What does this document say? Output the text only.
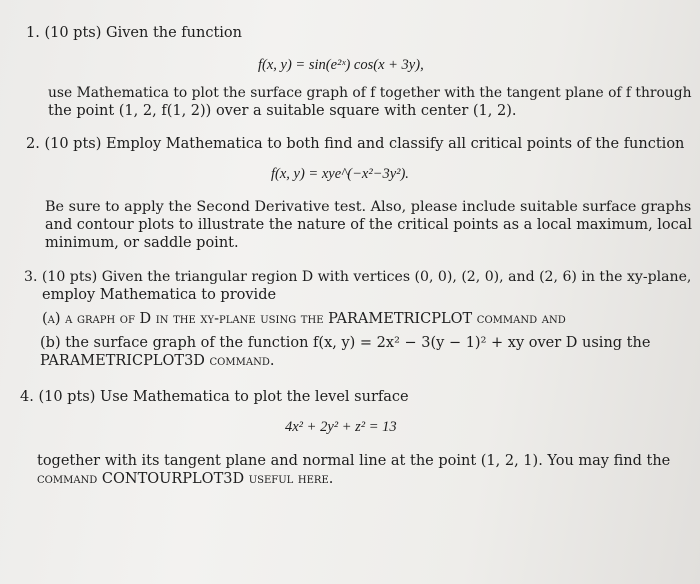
1. (10 pts) Given the function
f(x, y) = sin(e²ˣ) cos(x + 3y),
use Mathematica to plot the surface graph of f together with the tangent plane of f through
the point (1, 2, f(1, 2)) over a suitable square with center (1, 2).
2. (10 pts) Employ Mathematica to both find and classify all critical points of the function
f(x, y) = xye^(−x²−3y²).
Be sure to apply the Second Derivative test. Also, please include suitable surface graphs
and contour plots to illustrate the nature of the critical points as a local maximum, local
minimum, or saddle point.
3. (10 pts) Given the triangular region D with vertices (0, 0), (2, 0), and (2, 6) in the xy-plane,
employ Mathematica to provide
(a) a graph of D in the xy-plane using the PARAMETRICPLOT command and
(b) the surface graph of the function f(x, y) = 2x² − 3(y − 1)² + xy over D using the
PARAMETRICPLOT3D command.
4. (10 pts) Use Mathematica to plot the level surface
4x² + 2y² + z² = 13
together with its tangent plane and normal line at the point (1, 2, 1). You may find the
command CONTOURPLOT3D useful here.
